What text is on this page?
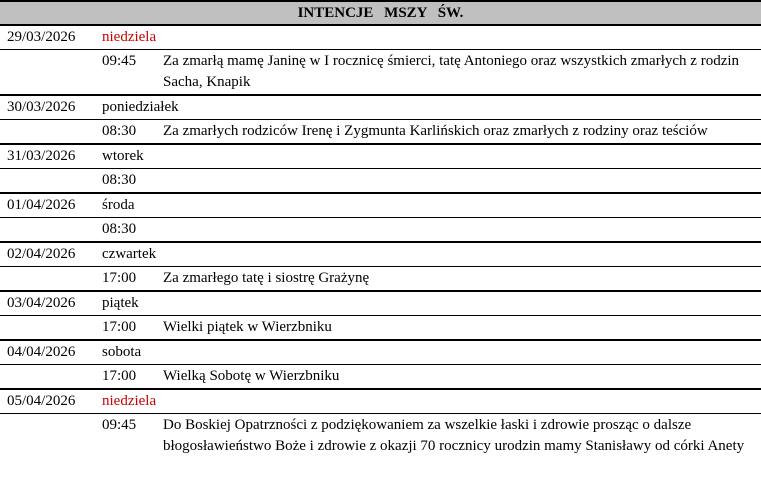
INTENCJE MSZY ŚW.		
29/03/2026	niedziela	
	09:45	Za zmarłą mamę Janinę w I rocznicę śmierci, tatę Antoniego oraz wszystkich zmarłych z rodzin Sacha, Knapik
30/03/2026	poniedziałek	
	08:30	Za zmarłych rodziców Irenę i Zygmunta Karlińskich oraz zmarłych z rodziny oraz teściów
31/03/2026	wtorek	
	08:30	
01/04/2026	środa	
	08:30	
02/04/2026	czwartek	
	17:00	Za zmarłego tatę i siostrę Grażynę
03/04/2026	piątek	
	17:00	Wielki piątek w Wierzbniku
04/04/2026	sobota	
	17:00	Wielką Sobotę w Wierzbniku
05/04/2026	niedziela	
	09:45	Do Boskiej Opatrzności z podziękowaniem za wszelkie łaski i zdrowie prosząc o dalsze błogosławieństwo Boże i zdrowie z okazji 70 rocznicy urodzin mamy Stanisławy od córki Anety
